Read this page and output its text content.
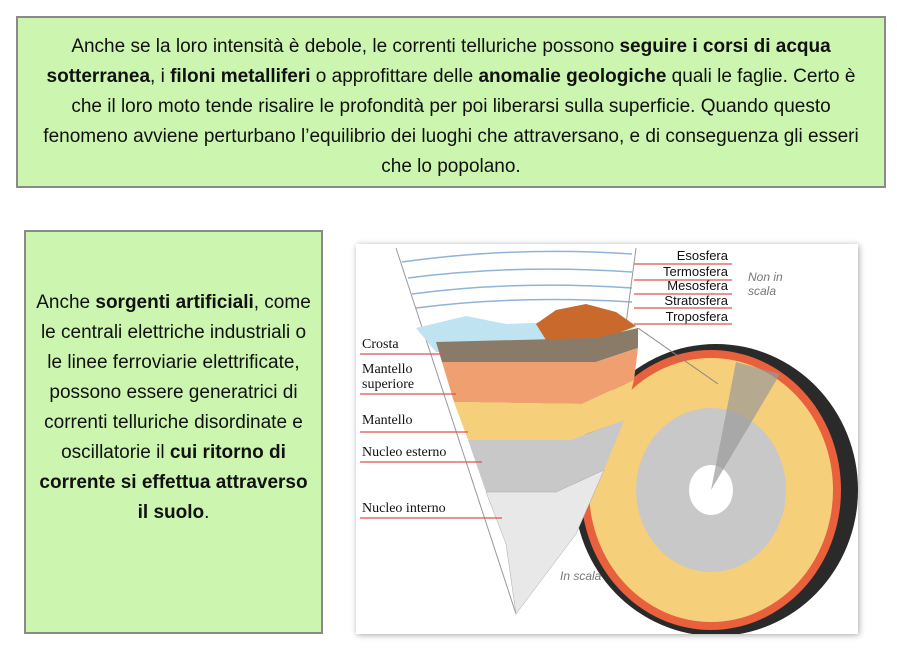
Anche se la loro intensità è debole, le correnti telluriche possono seguire i corsi di acqua sotterranea, i filoni metalliferi o approfittare delle anomalie geologiche quali le faglie. Certo è che il loro moto tende risalire le profondità per poi liberarsi sulla superficie. Quando questo fenomeno avviene perturbano l’equilibrio dei luoghi che attraversano, e di conseguenza gli esseri che lo popolano.
Anche sorgenti artificiali, come le centrali elettriche industriali o le linee ferroviarie elettrificate, possono essere generatrici di correnti telluriche disordinate e oscillatorie il cui ritorno di corrente si effettua attraverso il suolo.
Esosfera
Termosfera
Mesosfera
Stratosfera
Troposfera
Non in
scala
Crosta
Mantello
superiore
Mantello
Nucleo esterno
Nucleo interno
In scala
